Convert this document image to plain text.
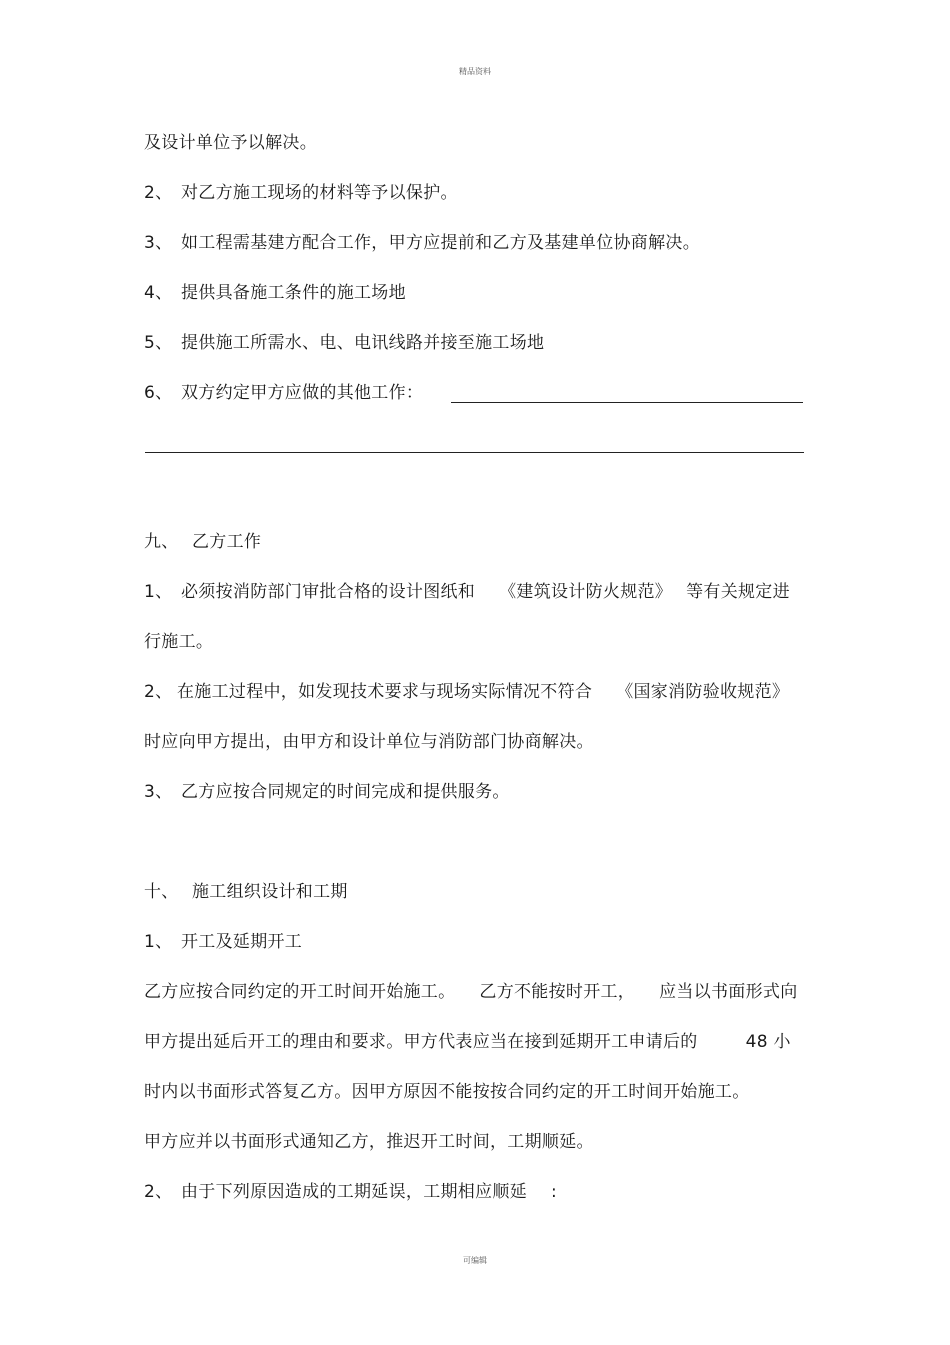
精品资料
及设计单位予以解决。
2、 对乙方施工现场的材料等予以保护。
3、 如工程需基建方配合工作，甲方应提前和乙方及基建单位协商解决。
4、 提供具备施工条件的施工场地
5、 提供施工所需水、电、电讯线路并接至施工场地
6、 双方约定甲方应做的其他工作：
九、 乙方工作
1、 必须按消防部门审批合格的设计图纸和 《建筑设计防火规范》 等有关规定进
行施工。
2、 在施工过程中，如发现技术要求与现场实际情况不符合 《国家消防验收规范》
时应向甲方提出，由甲方和设计单位与消防部门协商解决。
3、 乙方应按合同规定的时间完成和提供服务。
十、 施工组织设计和工期
1、 开工及延期开工
乙方应按合同约定的开工时间开始施工。 乙方不能按时开工， 应当以书面形式向
甲方提出延后开工的理由和要求。甲方代表应当在接到延期开工申请后的	48 小
时内以书面形式答复乙方。因甲方原因不能按按合同约定的开工时间开始施工。
甲方应并以书面形式通知乙方，推迟开工时间，工期顺延。
2、 由于下列原因造成的工期延误，工期相应顺延 :
可编辑
